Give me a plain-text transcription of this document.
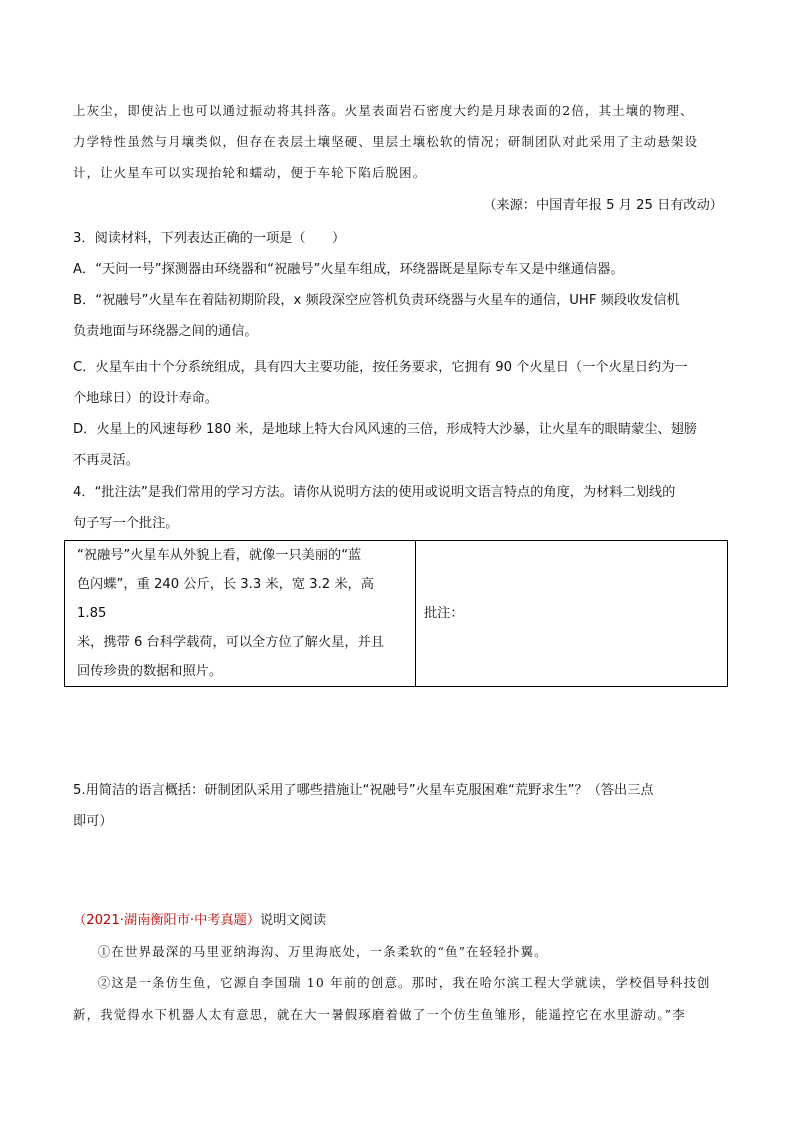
上灰尘，即使沾上也可以通过振动将其抖落。火星表面岩石密度大约是月球表面的2倍，其土壤的物理、

力学特性虽然与月壤类似，但存在表层土壤坚硬、里层土壤松软的情况；研制团队对此采用了主动悬架设

计，让火星车可以实现抬轮和蠕动，便于车轮下陷后脱困。

（来源：中国青年报 5 月 25 日有改动）

3．阅读材料，下列表达正确的一项是（　　）

A．“天问一号”探测器由环绕器和“祝融号”火星车组成，环绕器既是星际专车又是中继通信器。

B．“祝融号”火星车在着陆初期阶段，x 频段深空应答机负责环绕器与火星车的通信，UHF 频段收发信机

负责地面与环绕器之间的通信。

C．火星车由十个分系统组成，具有四大主要功能，按任务要求，它拥有 90 个火星日（一个火星日约为一

个地球日）的设计寿命。

D．火星上的风速每秒 180 米，是地球上特大台风风速的三倍，形成特大沙暴，让火星车的眼睛蒙尘、翅膀

不再灵活。

4．“批注法”是我们常用的学习方法。请你从说明方法的使用或说明文语言特点的角度，为材料二划线的

句子写一个批注。

“祝融号”火星车从外貌上看，就像一只美丽的“蓝
色闪蝶”，重 240 公斤，长 3.3 米，宽 3.2 米，高 1.85
米，携带 6 台科学载荷，可以全方位了解火星，并且
回传珍贵的数据和照片。
	批注：

5.用简洁的语言概括：研制团队采用了哪些措施让“祝融号”火星车克服困难“荒野求生”？（答出三点

即可）

（2021·湖南衡阳市·中考真题）说明文阅读

①在世界最深的马里亚纳海沟、万里海底处，一条柔软的“鱼”在轻轻扑翼。

②这是一条仿生鱼，它源自李国瑞 10 年前的创意。那时，我在哈尔滨工程大学就读，学校倡导科技创

新，我觉得水下机器人太有意思，就在大一暑假琢磨着做了一个仿生鱼雏形，能遥控它在水里游动。”李
